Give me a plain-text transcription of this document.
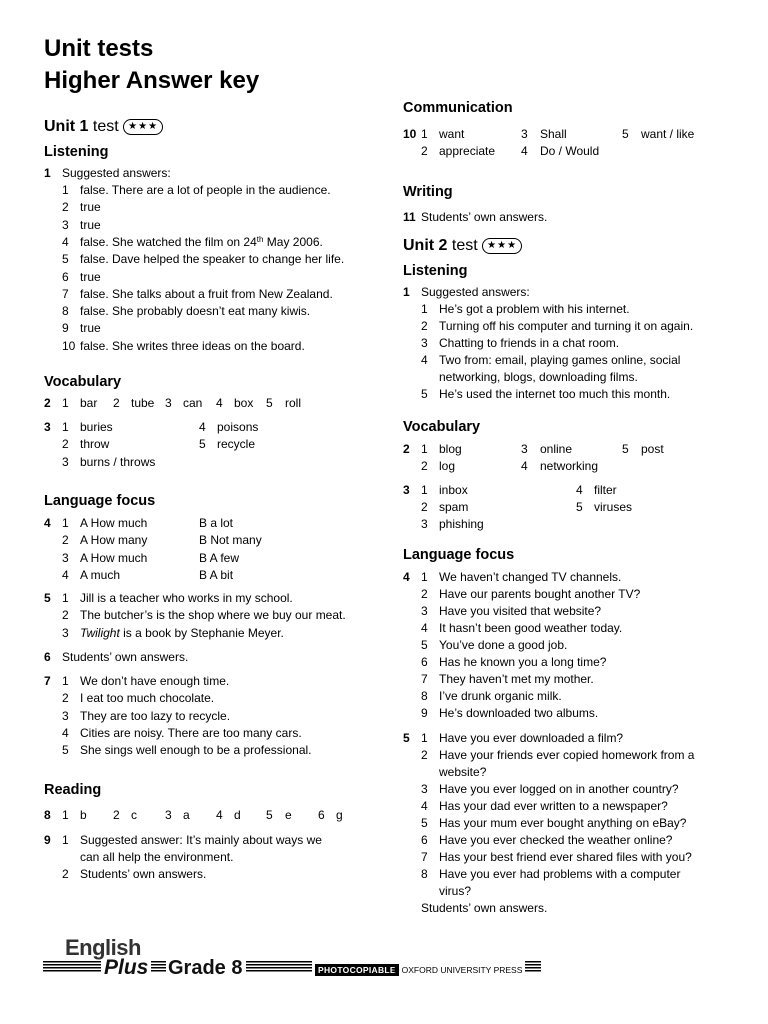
Unit tests
Higher Answer key
Unit 1 test ★★★
Listening
1 Suggested answers:
1 false. There are a lot of people in the audience.
2 true
3 true
4 false. She watched the film on 24th May 2006.
5 false. Dave helped the speaker to change her life.
6 true
7 false. She talks about a fruit from New Zealand.
8 false. She probably doesn’t eat many kiwis.
9 true
10 false. She writes three ideas on the board.
Vocabulary
2 1 bar 2 tube 3 can 4 box 5 roll
3 1 buries
2 throw
3 burns / throws
4 poisons
5 recycle
Language focus
4 1 A How much	B a lot
2 A How many	B Not many
3 A How much	B A few
4 A much	B A bit
5 1 Jill is a teacher who works in my school.
2 The butcher’s is the shop where we buy our meat.
3 Twilight is a book by Stephanie Meyer.
6 Students’ own answers.
7 1 We don’t have enough time.
2 I eat too much chocolate.
3 They are too lazy to recycle.
4 Cities are noisy. There are too many cars.
5 She sings well enough to be a professional.
Reading
8 1 b 2 c 3 a 4 d 5 e 6 g
9 1 Suggested answer: It’s mainly about ways we
can all help the environment.
2 Students’ own answers.
Communication
10 1 want
2 appreciate
3 Shall
4 Do / Would
5 want / like
Writing
11 Students’ own answers.
Unit 2 test ★★★
Listening
1 Suggested answers:
1 He’s got a problem with his internet.
2 Turning off his computer and turning it on again.
3 Chatting to friends in a chat room.
4 Two from: email, playing games online, social
networking, blogs, downloading films.
5 He’s used the internet too much this month.
Vocabulary
2 1 blog
2 log
3 online
4 networking
5 post
3 1 inbox
2 spam
3 phishing
4 filter
5 viruses
Language focus
4 1 We haven’t changed TV channels.
2 Have our parents bought another TV?
3 Have you visited that website?
4 It hasn’t been good weather today.
5 You’ve done a good job.
6 Has he known you a long time?
7 They haven’t met my mother.
8 I’ve drunk organic milk.
9 He’s downloaded two albums.
5 1 Have you ever downloaded a film?
2 Have your friends ever copied homework from a
website?
3 Have you ever logged on in another country?
4 Has your dad ever written to a newspaper?
5 Has your mum ever bought anything on eBay?
6 Have you ever checked the weather online?
7 Has your best friend ever shared files with you?
8 Have you ever had problems with a computer
virus?
Students’ own answers.
English
Plus Grade 8	PHOTOCOPIABLE
© OXFORD UNIVERSITY PRESS
